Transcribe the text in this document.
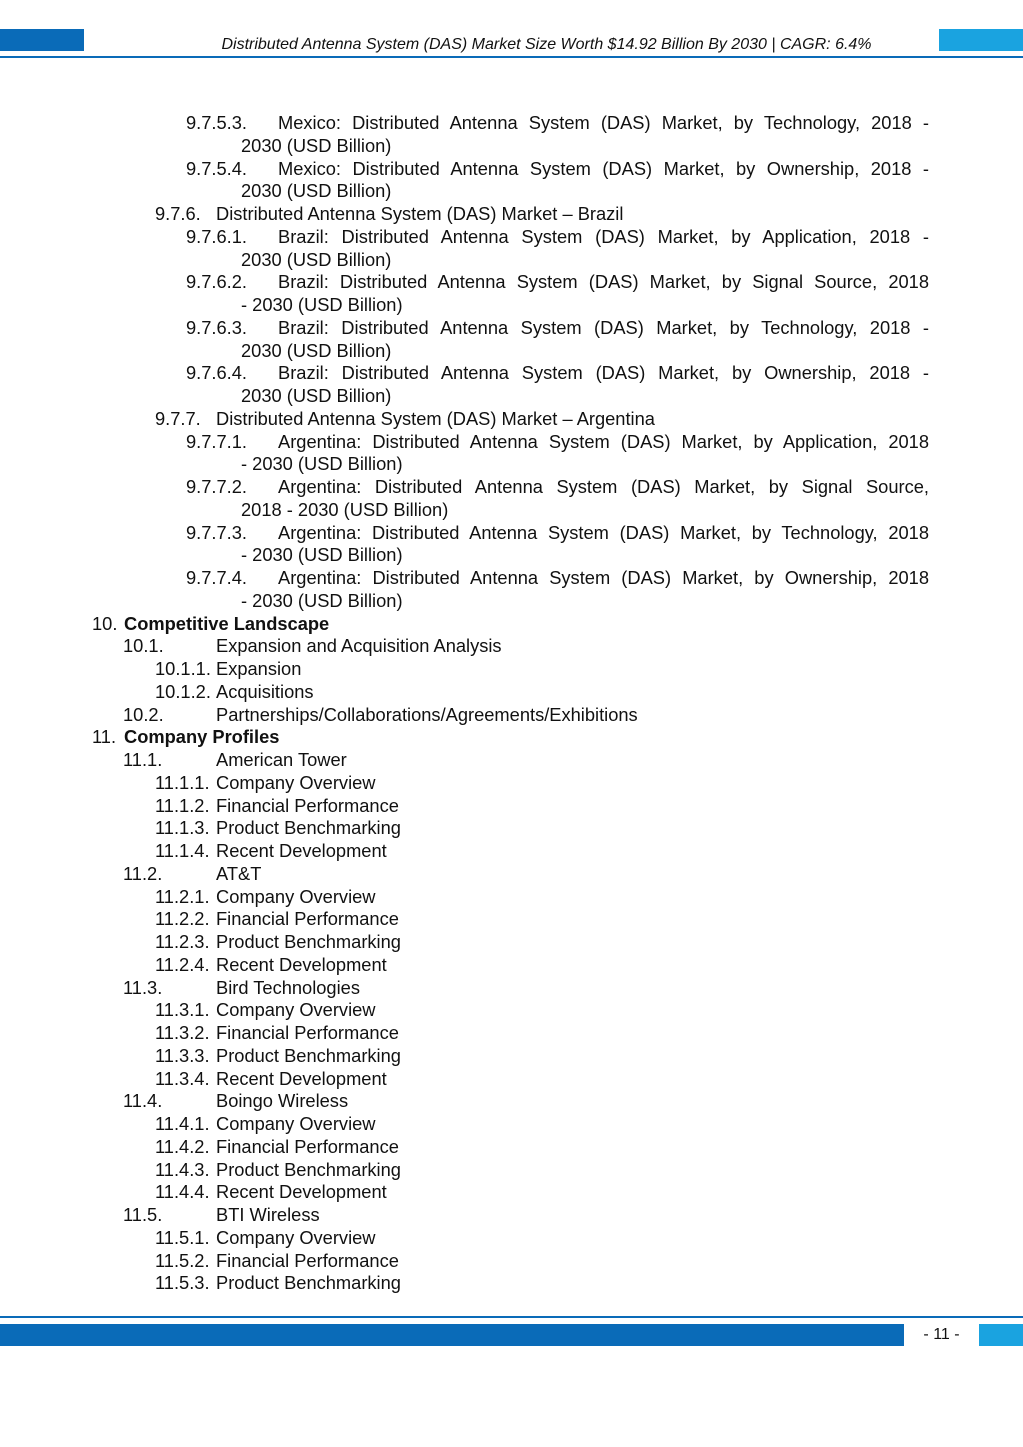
Distributed Antenna System (DAS) Market Size Worth $14.92 Billion By 2030 | CAGR: 6.4%
9.7.5.3. Mexico: Distributed Antenna System (DAS) Market, by Technology, 2018 -
2030 (USD Billion)
9.7.5.4. Mexico: Distributed Antenna System (DAS) Market, by Ownership, 2018 -
2030 (USD Billion)
9.7.6. Distributed Antenna System (DAS) Market – Brazil
9.7.6.1. Brazil: Distributed Antenna System (DAS) Market, by Application, 2018 -
2030 (USD Billion)
9.7.6.2. Brazil: Distributed Antenna System (DAS) Market, by Signal Source, 2018
- 2030 (USD Billion)
9.7.6.3. Brazil: Distributed Antenna System (DAS) Market, by Technology, 2018 -
2030 (USD Billion)
9.7.6.4. Brazil: Distributed Antenna System (DAS) Market, by Ownership, 2018 -
2030 (USD Billion)
9.7.7. Distributed Antenna System (DAS) Market – Argentina
9.7.7.1. Argentina: Distributed Antenna System (DAS) Market, by Application, 2018
- 2030 (USD Billion)
9.7.7.2. Argentina: Distributed Antenna System (DAS) Market, by Signal Source,
2018 - 2030 (USD Billion)
9.7.7.3. Argentina: Distributed Antenna System (DAS) Market, by Technology, 2018
- 2030 (USD Billion)
9.7.7.4. Argentina: Distributed Antenna System (DAS) Market, by Ownership, 2018
- 2030 (USD Billion)
10. Competitive Landscape
10.1.	Expansion and Acquisition Analysis
10.1.1. Expansion
10.1.2. Acquisitions
10.2.	Partnerships/Collaborations/Agreements/Exhibitions
11. Company Profiles
11.1.	American Tower
11.1.1. Company Overview
11.1.2. Financial Performance
11.1.3. Product Benchmarking
11.1.4. Recent Development
11.2.	AT&T
11.2.1. Company Overview
11.2.2. Financial Performance
11.2.3. Product Benchmarking
11.2.4. Recent Development
11.3.	Bird Technologies
11.3.1. Company Overview
11.3.2. Financial Performance
11.3.3. Product Benchmarking
11.3.4. Recent Development
11.4.	Boingo Wireless
11.4.1. Company Overview
11.4.2. Financial Performance
11.4.3. Product Benchmarking
11.4.4. Recent Development
11.5.	BTI Wireless
11.5.1. Company Overview
11.5.2. Financial Performance
11.5.3. Product Benchmarking
- 11 -
